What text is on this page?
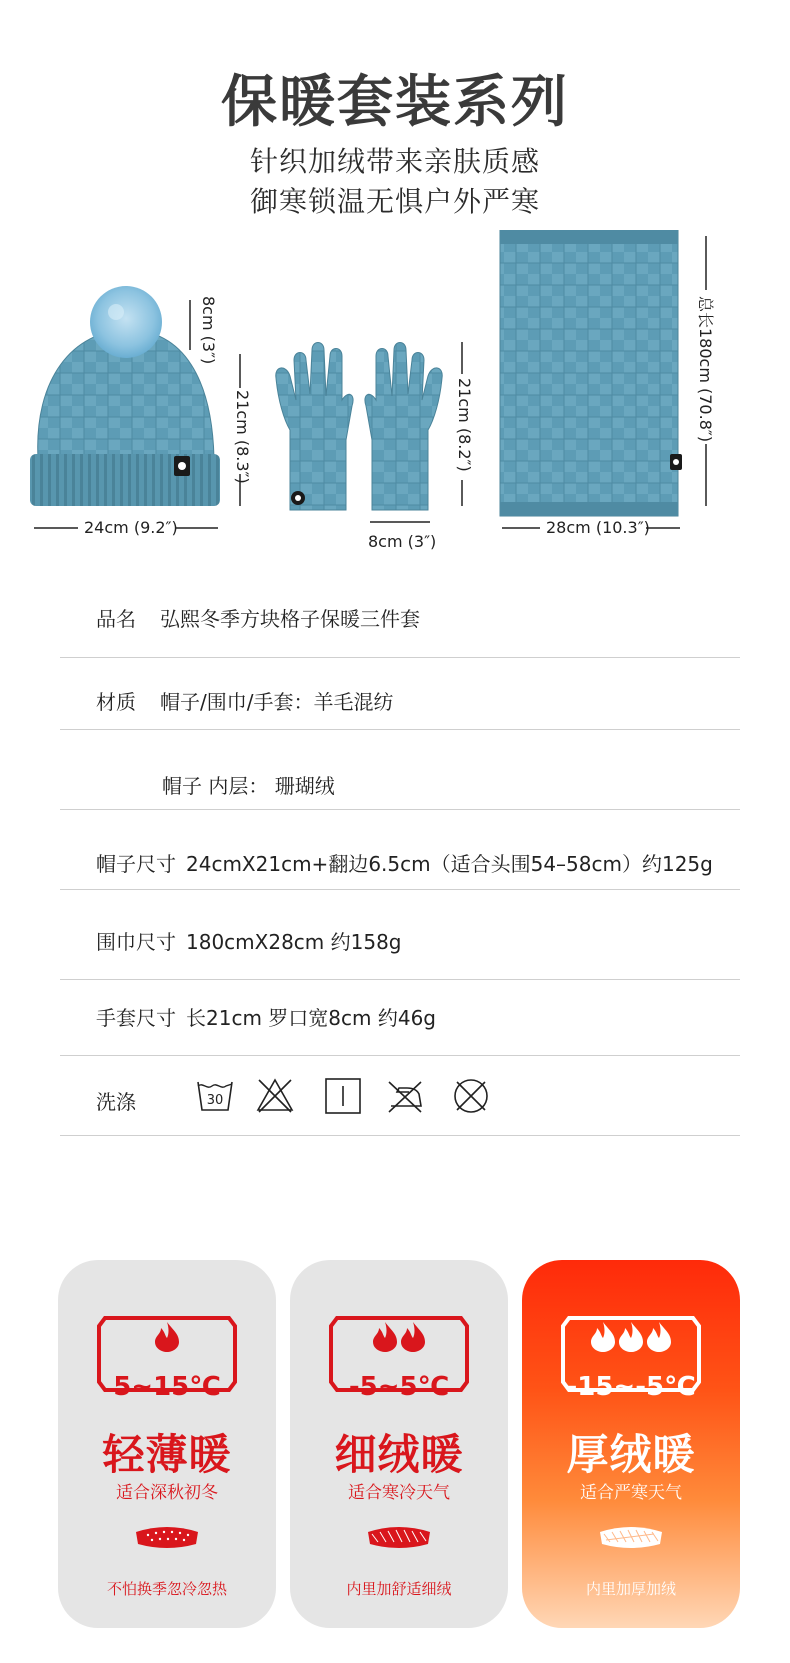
保暖套装系列
针织加绒带来亲肤质感
御寒锁温无惧户外严寒
8cm (3″)
21cm (8.3″)
24cm (9.2″)
21cm (8.2″)
8cm (3″)
总长180cm (70.8″)
28cm (10.3″)
品名 弘熙冬季方块格子保暖三件套
材质 帽子/围巾/手套：羊毛混纺
帽子 内层： 珊瑚绒
帽子尺寸 24cmX21cm+翻边6.5cm（适合头围54–58cm）约125g
围巾尺寸 180cmX28cm 约158g
手套尺寸 长21cm 罗口宽8cm 约46g
洗涤	30
5~15℃
轻薄暖
适合深秋初冬
不怕换季忽冷忽热
-5~5℃
细绒暖
适合寒冷天气
内里加舒适细绒
-15~-5℃
厚绒暖
适合严寒天气
内里加厚加绒
